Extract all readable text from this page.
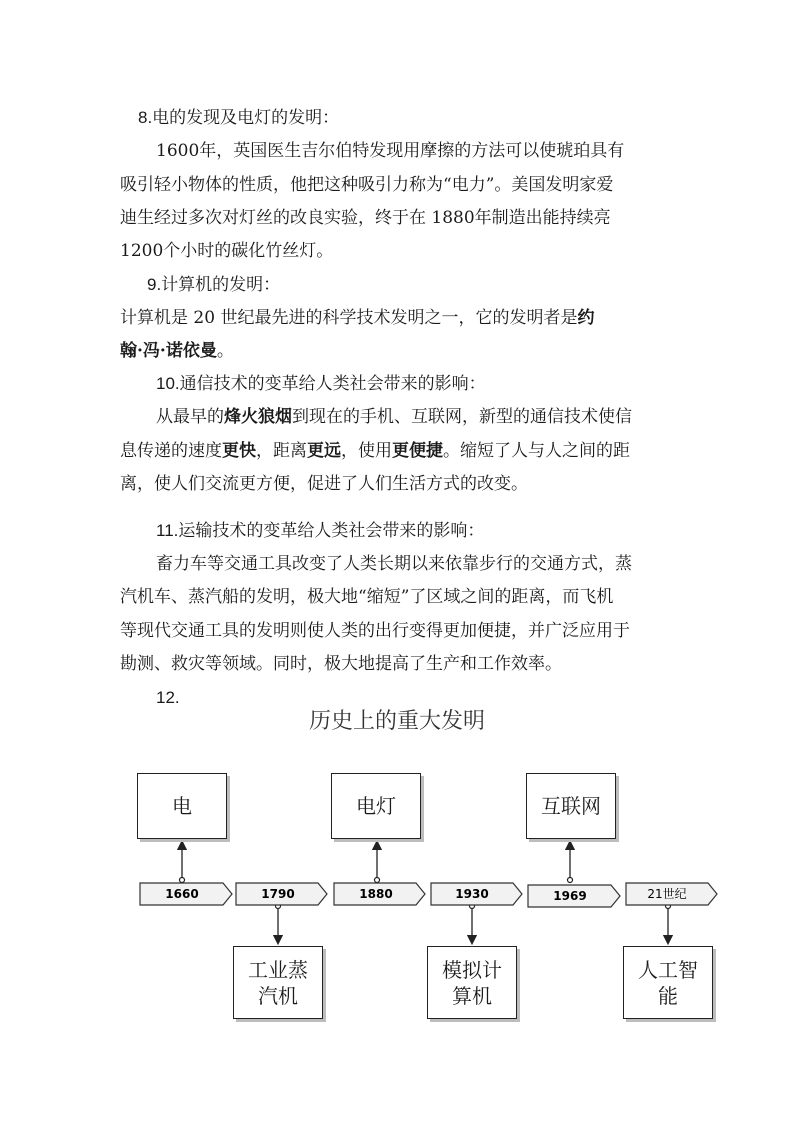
8.电的发现及电灯的发明：
1600年，英国医生吉尔伯特发现用摩擦的方法可以使琥珀具有
吸引轻小物体的性质，他把这种吸引力称为“电力”。美国发明家爱
迪生经过多次对灯丝的改良实验，终于在 1880年制造出能持续亮
1200个小时的碳化竹丝灯。
9.计算机的发明：
计算机是 20 世纪最先进的科学技术发明之一，它的发明者是约
翰·冯·诺依曼。
10.通信技术的变革给人类社会带来的影响：
从最早的烽火狼烟到现在的手机、互联网，新型的通信技术使信
息传递的速度更快，距离更远，使用更便捷。缩短了人与人之间的距
离，使人们交流更方便，促进了人们生活方式的改变。
11.运输技术的变革给人类社会带来的影响：
畜力车等交通工具改变了人类长期以来依靠步行的交通方式，蒸
汽机车、蒸汽船的发明，极大地“缩短”了区域之间的距离，而飞机
等现代交通工具的发明则使人类的出行变得更加便捷，并广泛应用于
勘测、救灾等领域。同时，极大地提高了生产和工作效率。
12.
历史上的重大发明
1660	1790	1880	1930	1969	21世纪
电	电灯	互联网
工业蒸
汽机
模拟计
算机
人工智
能
